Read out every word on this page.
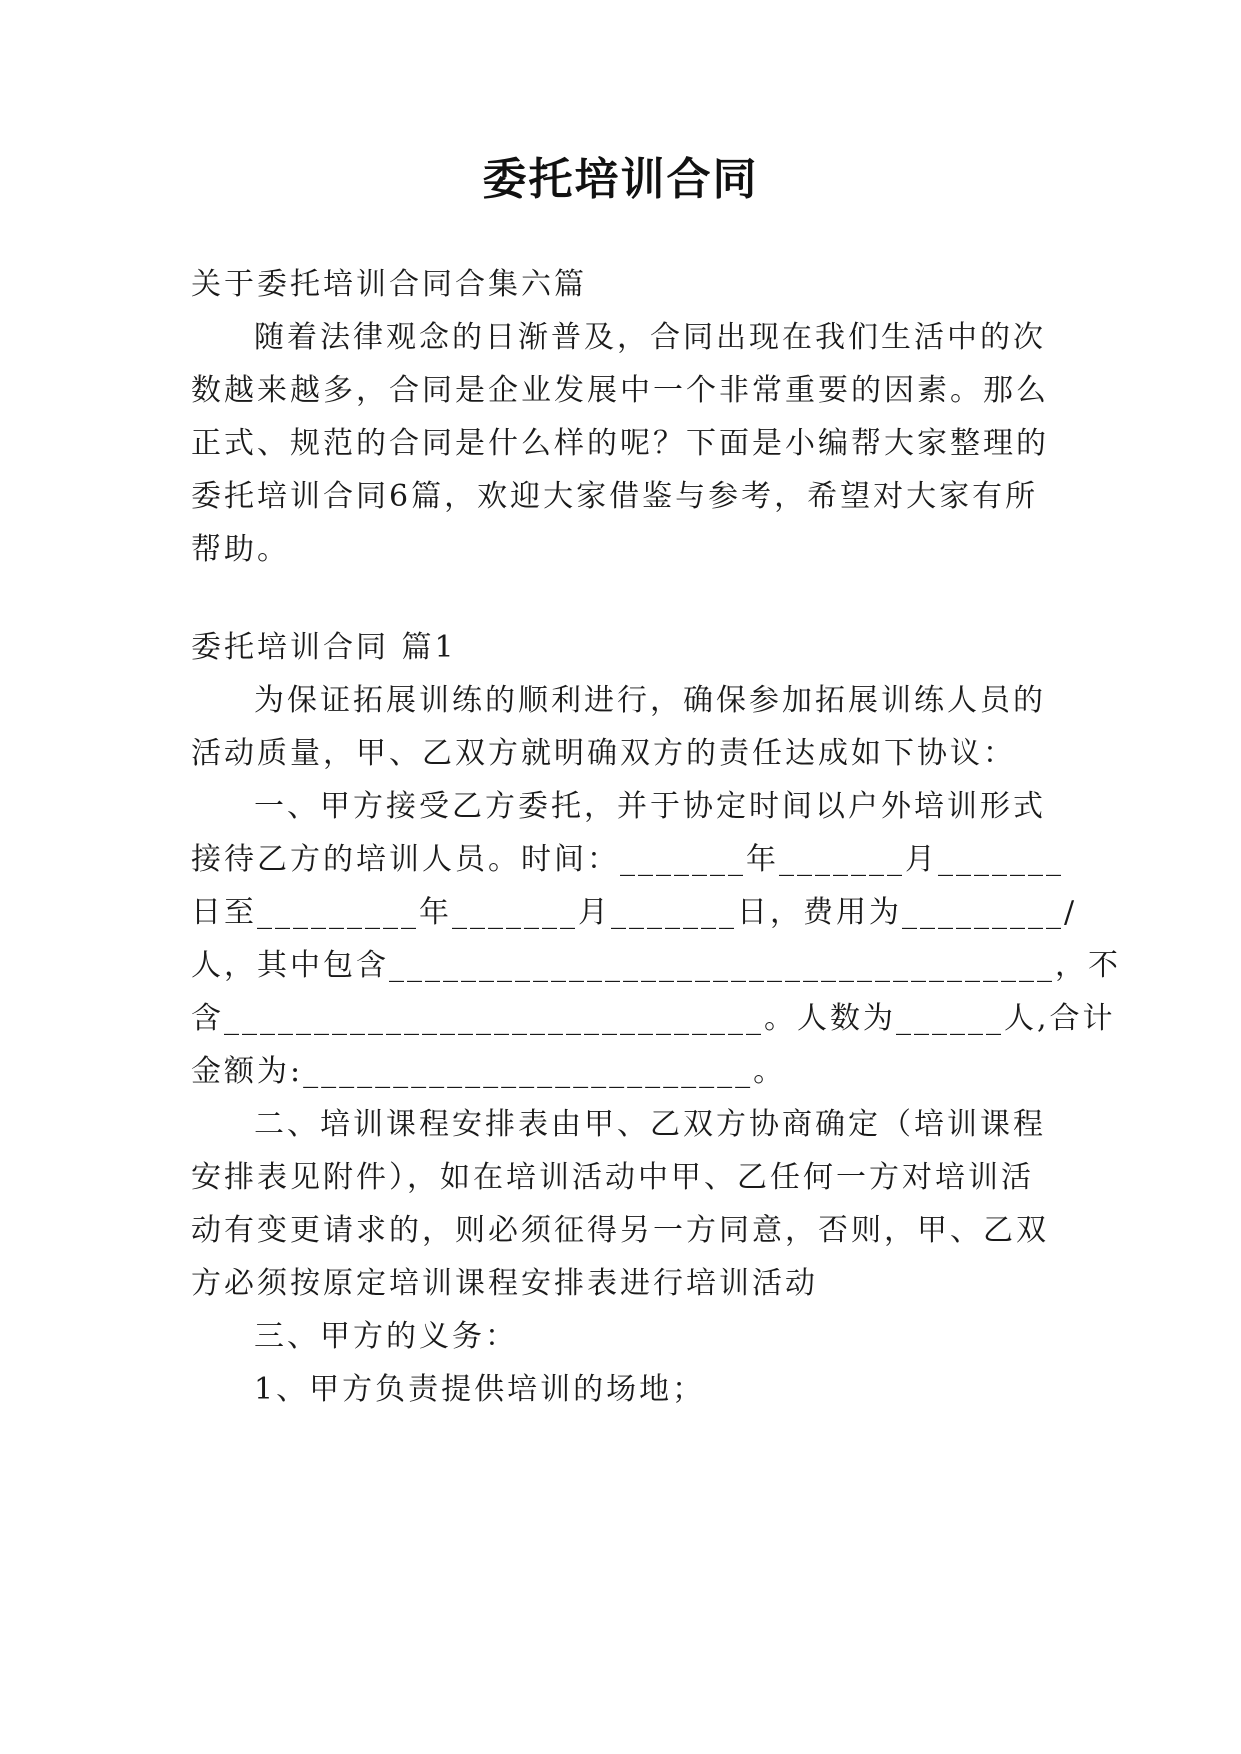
委托培训合同
关于委托培训合同合集六篇
随着法律观念的日渐普及，合同出现在我们生活中的次
数越来越多，合同是企业发展中一个非常重要的因素。那么
正式、规范的合同是什么样的呢？下面是小编帮大家整理的
委托培训合同6篇，欢迎大家借鉴与参考，希望对大家有所
帮助。
委托培训合同 篇1
为保证拓展训练的顺利进行，确保参加拓展训练人员的
活动质量，甲、乙双方就明确双方的责任达成如下协议：
一、甲方接受乙方委托，并于协定时间以户外培训形式
接待乙方的培训人员。时间：_______年_______月_______
日至_________年_______月_______日，费用为_________/
人，其中包含_____________________________________，不
含______________________________。人数为______人,合计
金额为:_________________________。
二、培训课程安排表由甲、乙双方协商确定（培训课程
安排表见附件），如在培训活动中甲、乙任何一方对培训活
动有变更请求的，则必须征得另一方同意，否则，甲、乙双
方必须按原定培训课程安排表进行培训活动
三、甲方的义务：
1、甲方负责提供培训的场地；
